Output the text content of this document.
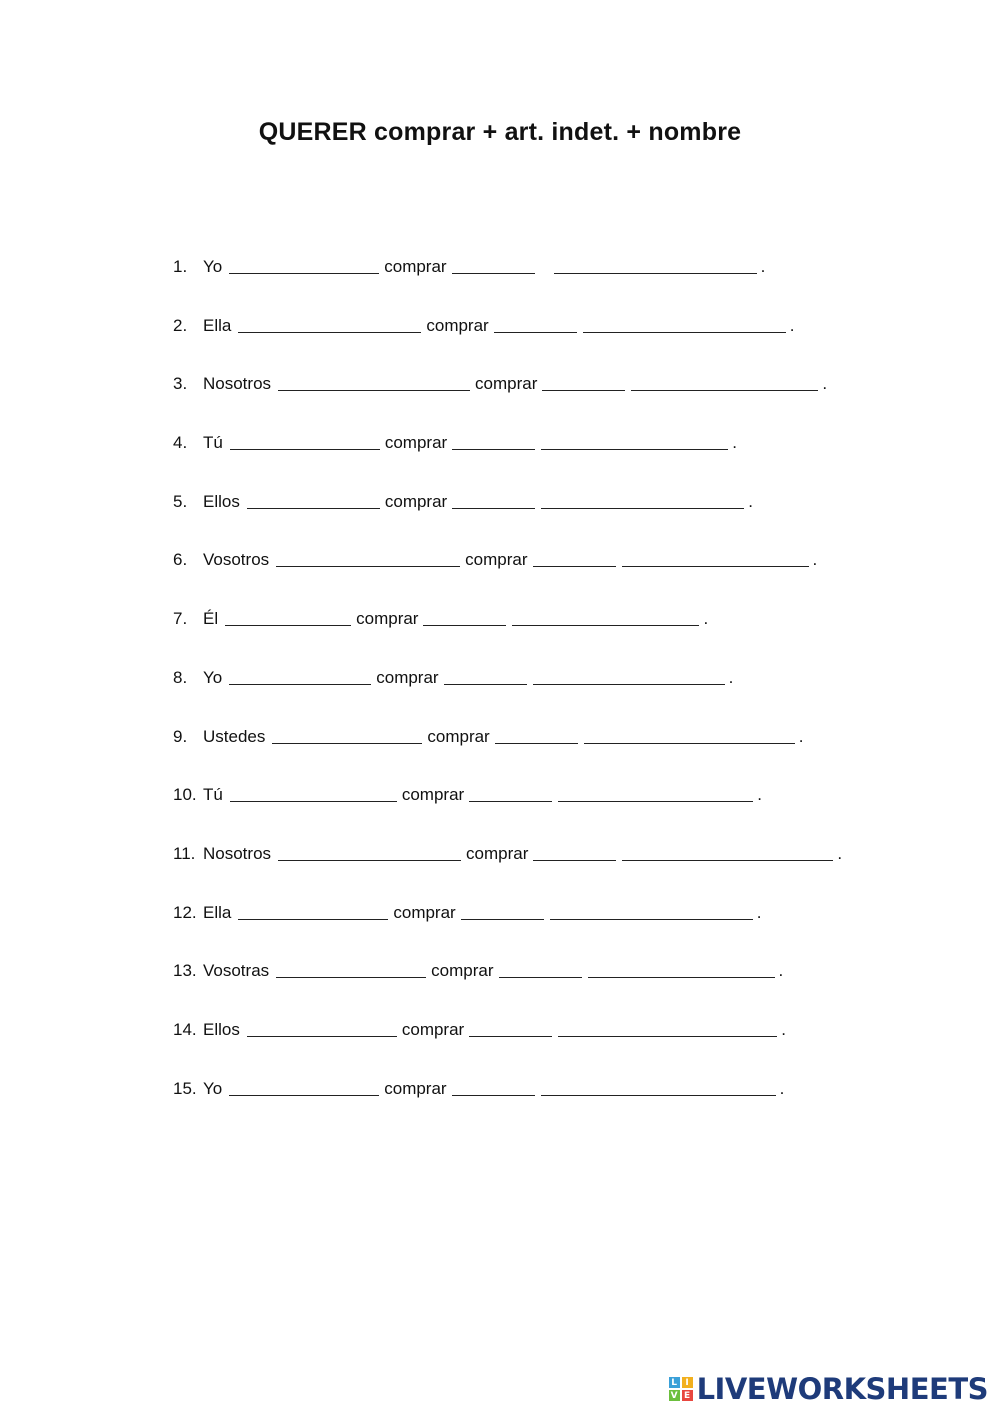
QUERER comprar + art. indet. + nombre
1. Yo	comprar	.
2. Ella	comprar	.
3. Nosotros	comprar	.
4. Tú	comprar	.
5. Ellos	comprar	.
6. Vosotros	comprar	.
7. Él	comprar	.
8. Yo	comprar	.
9. Ustedes	comprar	.
10. Tú	comprar	.
11. Nosotros	comprar	.
12. Ella	comprar	.
13. Vosotras	comprar	.
14. Ellos	comprar	.
15. Yo	comprar	.
L I
V E LIVEWORKSHEETS
